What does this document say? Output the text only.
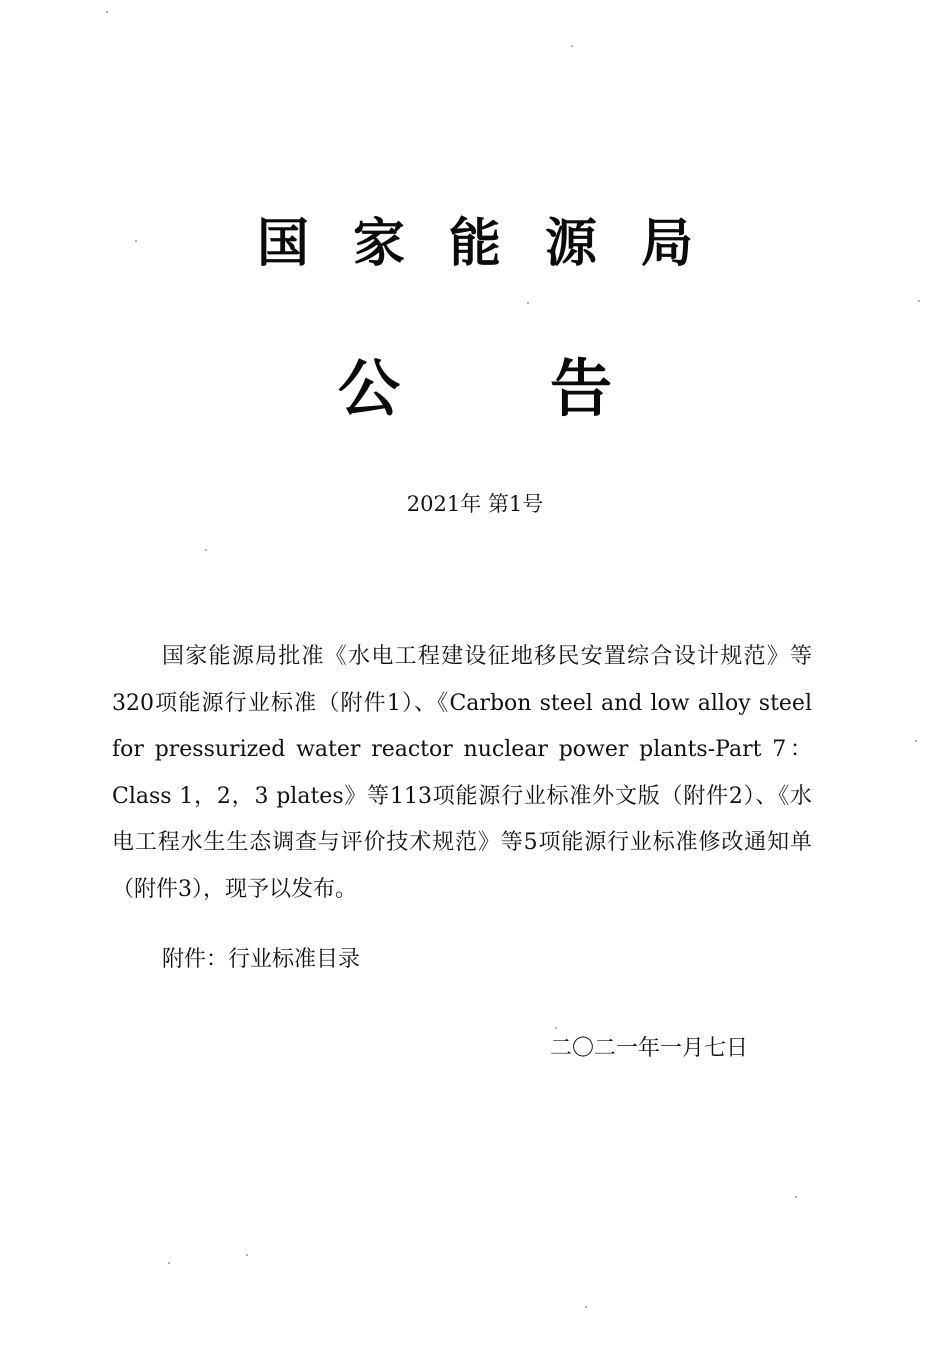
国家能源局
公告
2021年 第1号

国家能源局批准《水电工程建设征地移民安置综合设计规范》等320项能源行业标准（附件1）、《Carbon steel and low alloy steel for pressurized water reactor nuclear power plants-Part 7：Class 1，2，3 plates》等113项能源行业标准外文版（附件2）、《水电工程水生生态调查与评价技术规范》等5项能源行业标准修改通知单（附件3），现予以发布。

附件：行业标准目录
二〇二一年一月七日
